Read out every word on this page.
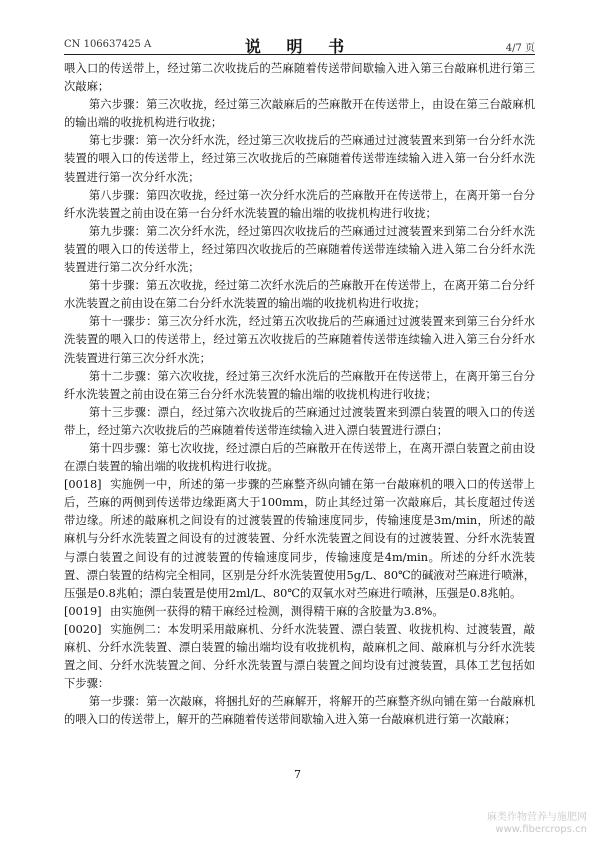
CN 106637425 A	说 明 书	4/7 页

喂入口的传送带上，经过第二次收拢后的苎麻随着传送带间歇输入进入第三台敲麻机进行第三次敲麻；

第六步骤：第三次收拢，经过第三次敲麻后的苎麻散开在传送带上，由设在第三台敲麻机的输出端的收拢机构进行收拢；

第七步骤：第一次分纤水洗，经过第三次收拢后的苎麻通过过渡装置来到第一台分纤水洗装置的喂入口的传送带上，经过第三次收拢后的苎麻随着传送带连续输入进入第一台分纤水洗装置进行第一次分纤水洗；

第八步骤：第四次收拢，经过第一次分纤水洗后的苎麻散开在传送带上，在离开第一台分纤水洗装置之前由设在第一台分纤水洗装置的输出端的收拢机构进行收拢；

第九步骤：第二次分纤水洗，经过第四次收拢后的苎麻通过过渡装置来到第二台分纤水洗装置的喂入口的传送带上，经过第四次收拢后的苎麻随着传送带连续输入进入第二台分纤水洗装置进行第二次分纤水洗；

第十步骤：第五次收拢，经过第二次纤水洗后的苎麻散开在传送带上，在离开第二台分纤水洗装置之前由设在第二台分纤水洗装置的输出端的收拢机构进行收拢；

第十一骤步：第三次分纤水洗，经过第五次收拢后的苎麻通过过渡装置来到第三台分纤水洗装置的喂入口的传送带上，经过第五次收拢后的苎麻随着传送带连续输入进入第三台分纤水洗装置进行第三次分纤水洗；

第十二步骤：第六次收拢，经过第三次纤水洗后的苎麻散开在传送带上，在离开第三台分纤水洗装置之前由设在第三台分纤水洗装置的输出端的收拢机构进行收拢；

第十三步骤：漂白，经过第六次收拢后的苎麻通过过渡装置来到漂白装置的喂入口的传送带上，经过第六次收拢后的苎麻随着传送带连续输入进入漂白装置进行漂白；

第十四步骤：第七次收拢，经过漂白后的苎麻散开在传送带上，在离开漂白装置之前由设在漂白装置的输出端的收拢机构进行收拢。

[0018] 实施例一中，所述的第一步骤的苎麻整齐纵向铺在第一台敲麻机的喂入口的传送带上后，苎麻的两侧到传送带边缘距离大于100mm，防止其经过第一次敲麻后，其长度超过传送带边缘。所述的敲麻机之间设有的过渡装置的传输速度同步，传输速度是3m/min，所述的敲麻机与分纤水洗装置之间设有的过渡装置、分纤水洗装置之间设有的过渡装置、分纤水洗装置与漂白装置之间设有的过渡装置的传输速度同步，传输速度是4m/min。所述的分纤水洗装置、漂白装置的结构完全相同，区别是分纤水洗装置使用5g/L、80℃的碱液对苎麻进行喷淋，压强是0.8兆帕；漂白装置是使用2ml/L、80℃的双氧水对苎麻进行喷淋，压强是0.8兆帕。

[0019] 由实施例一获得的精干麻经过检测，测得精干麻的含胶量为3.8%。

[0020] 实施例二：本发明采用敲麻机、分纤水洗装置、漂白装置、收拢机构、过渡装置，敲麻机、分纤水洗装置、漂白装置的输出端均设有收拢机构，敲麻机之间、敲麻机与分纤水洗装置之间、分纤水洗装置之间、分纤水洗装置与漂白装置之间均设有过渡装置，具体工艺包括如下步骤：

第一步骤：第一次敲麻，将捆扎好的苎麻解开，将解开的苎麻整齐纵向铺在第一台敲麻机的喂入口的传送带上，解开的苎麻随着传送带间歇输入进入第一台敲麻机进行第一次敲麻；

7
麻类作物营养与施肥网
www.fibercrops.cn
